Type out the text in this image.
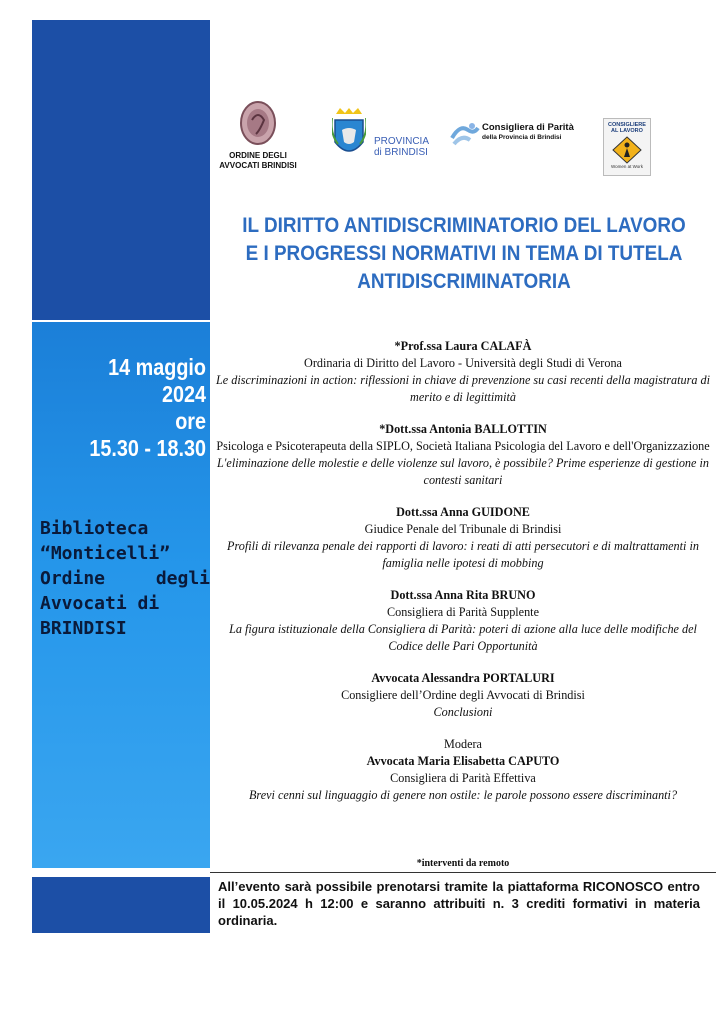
14 maggio
2024
ore
15.30 - 18.30
Biblioteca
“Monticelli”
Ordine	degli
Avvocati di
BRINDISI
ORDINE DEGLI AVVOCATI BRINDISI
PROVINCIA
di BRINDISI
Consigliera di Parità
della Provincia di Brindisi
CONSIGLIERE
AL LAVORO
Women at Work
IL DIRITTO ANTIDISCRIMINATORIO DEL LAVORO
E I PROGRESSI NORMATIVI IN TEMA DI TUTELA
ANTIDISCRIMINATORIA
*Prof.ssa Laura CALAFÀ
Ordinaria di Diritto del Lavoro - Università degli Studi di Verona
Le discriminazioni in action: riflessioni in chiave di prevenzione su casi recenti della magistratura di merito e di legittimità
*Dott.ssa Antonia BALLOTTIN
Psicologa e Psicoterapeuta della SIPLO, Società Italiana Psicologia del Lavoro e dell'Organizzazione
L'eliminazione delle molestie e delle violenze sul lavoro, è possibile? Prime esperienze di gestione in contesti sanitari
Dott.ssa Anna GUIDONE
Giudice Penale del Tribunale di Brindisi
Profili di rilevanza penale dei rapporti di lavoro: i reati di atti persecutori e di maltrattamenti in famiglia nelle ipotesi di mobbing
Dott.ssa Anna Rita BRUNO
Consigliera di Parità Supplente
La figura istituzionale della Consigliera di Parità: poteri di azione alla luce delle modifiche del Codice delle Pari Opportunità
Avvocata Alessandra PORTALURI
Consigliere dell’Ordine degli Avvocati di Brindisi
Conclusioni
Modera
Avvocata Maria Elisabetta CAPUTO
Consigliera di Parità Effettiva
Brevi cenni sul linguaggio di genere non ostile: le parole possono essere discriminanti?
*interventi da remoto
All’evento sarà possibile prenotarsi tramite la piattaforma RICONOSCO entro il 10.05.2024 h 12:00 e saranno attribuiti n. 3 crediti formativi in materia ordinaria.
